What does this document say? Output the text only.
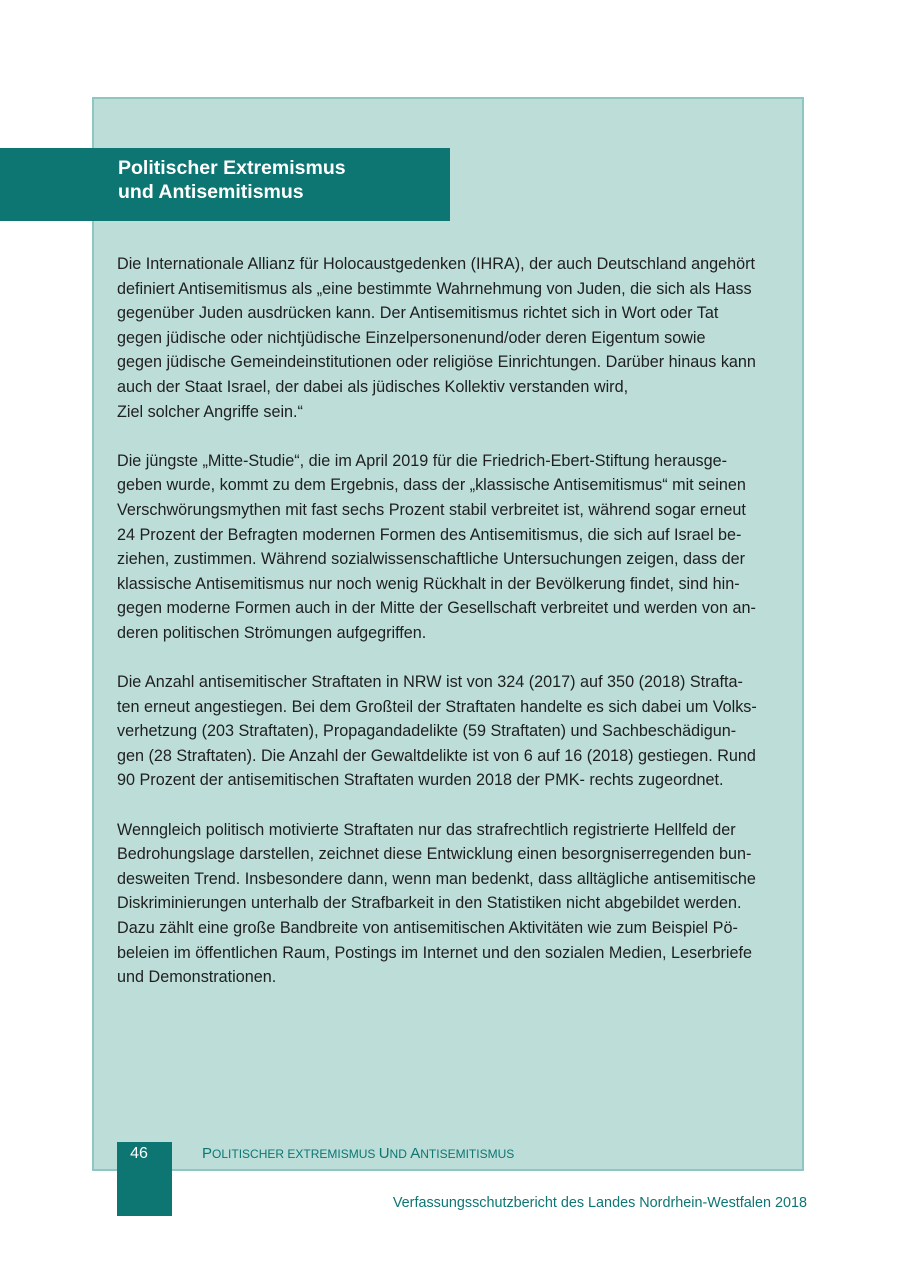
Politischer Extremismus
und Antisemitismus

Die Internationale Allianz für Holocaustgedenken (IHRA), der auch Deutschland angehört
definiert Antisemitismus als „eine bestimmte Wahrnehmung von Juden, die sich als Hass
gegenüber Juden ausdrücken kann. Der Antisemitismus richtet sich in Wort oder Tat
gegen jüdische oder nichtjüdische Einzelpersonenund/oder deren Eigentum sowie
gegen jüdische Gemeindeinstitutionen oder religiöse Einrichtungen. Darüber hinaus kann
auch der Staat Israel, der dabei als jüdisches Kollektiv verstanden wird,
Ziel solcher Angriffe sein.“

Die jüngste „Mitte-Studie“, die im April 2019 für die Friedrich-Ebert-Stiftung herausge-
geben wurde, kommt zu dem Ergebnis, dass der „klassische Antisemitismus“ mit seinen
Verschwörungsmythen mit fast sechs Prozent stabil verbreitet ist, während sogar erneut
24 Prozent der Befragten modernen Formen des Antisemitismus, die sich auf Israel be-
ziehen, zustimmen. Während sozialwissenschaftliche Untersuchungen zeigen, dass der
klassische Antisemitismus nur noch wenig Rückhalt in der Bevölkerung findet, sind hin-
gegen moderne Formen auch in der Mitte der Gesellschaft verbreitet und werden von an-
deren politischen Strömungen aufgegriffen.

Die Anzahl antisemitischer Straftaten in NRW ist von 324 (2017) auf 350 (2018) Strafta-
ten erneut angestiegen. Bei dem Großteil der Straftaten handelte es sich dabei um Volks-
verhetzung (203 Straftaten), Propagandadelikte (59 Straftaten) und Sachbeschädigun-
gen (28 Straftaten). Die Anzahl der Gewaltdelikte ist von 6 auf 16 (2018) gestiegen. Rund
90 Prozent der antisemitischen Straftaten wurden 2018 der PMK- rechts zugeordnet.

Wenngleich politisch motivierte Straftaten nur das strafrechtlich registrierte Hellfeld der
Bedrohungslage darstellen, zeichnet diese Entwicklung einen besorgniserregenden bun-
desweiten Trend. Insbesondere dann, wenn man bedenkt, dass alltägliche antisemitische
Diskriminierungen unterhalb der Strafbarkeit in den Statistiken nicht abgebildet werden.
Dazu zählt eine große Bandbreite von antisemitischen Aktivitäten wie zum Beispiel Pö-
beleien im öffentlichen Raum, Postings im Internet und den sozialen Medien, Leserbriefe
und Demonstrationen.

46	POLITISCHER EXTREMISMUS UND ANTISEMITISMUS
Verfassungsschutzbericht des Landes Nordrhein-Westfalen 2018
